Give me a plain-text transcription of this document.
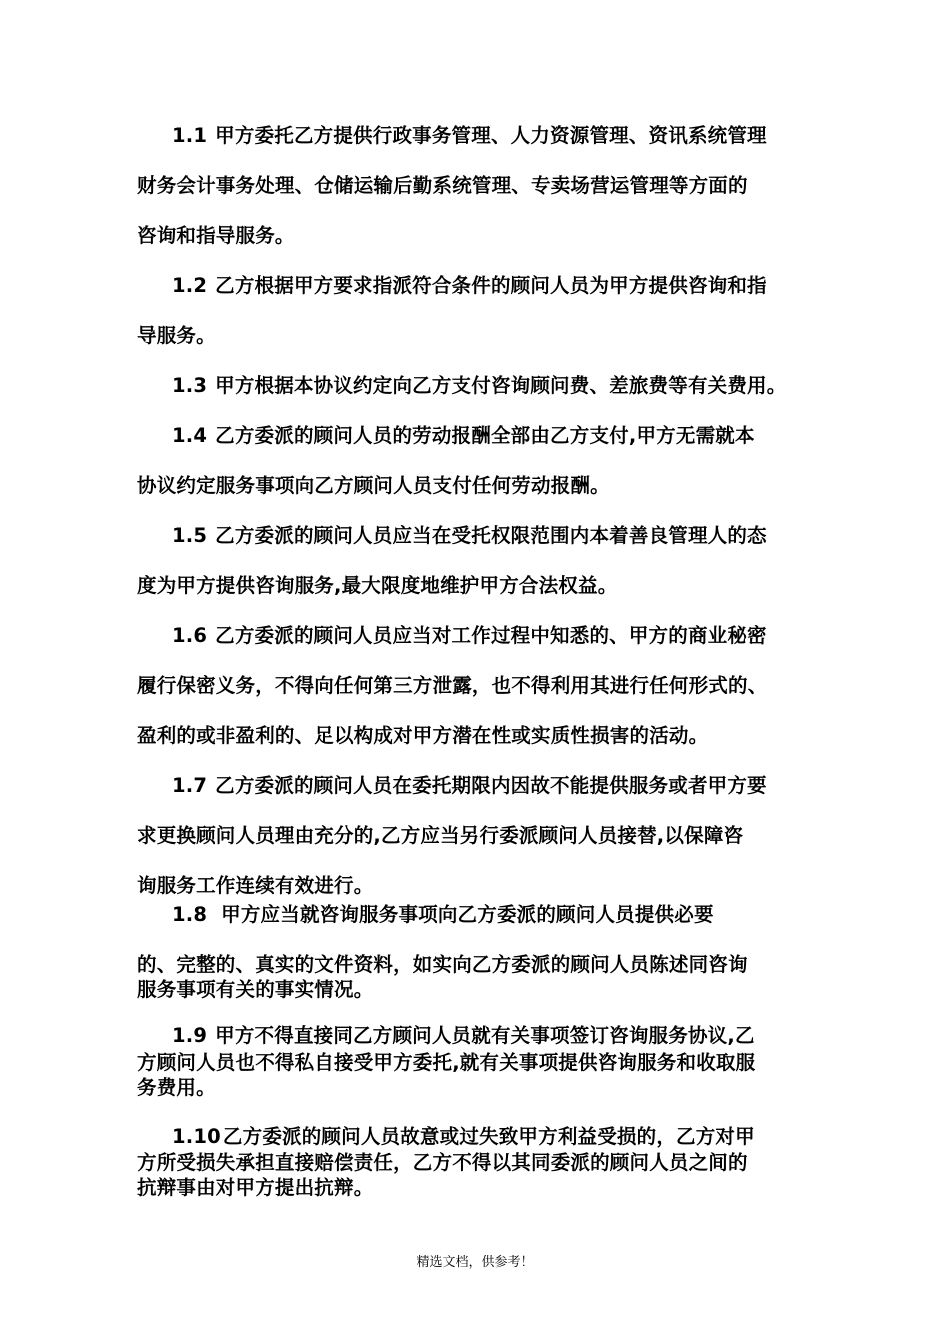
1.1 甲方委托乙方提供行政事务管理、人力资源管理、资讯系统管理
财务会计事务处理、仓储运输后勤系统管理、专卖场营运管理等方面的
咨询和指导服务。
1.2 乙方根据甲方要求指派符合条件的顾问人员为甲方提供咨询和指
导服务。
1.3 甲方根据本协议约定向乙方支付咨询顾问费、差旅费等有关费用。
1.4 乙方委派的顾问人员的劳动报酬全部由乙方支付,甲方无需就本
协议约定服务事项向乙方顾问人员支付任何劳动报酬。
1.5 乙方委派的顾问人员应当在受托权限范围内本着善良管理人的态
度为甲方提供咨询服务,最大限度地维护甲方合法权益。
1.6 乙方委派的顾问人员应当对工作过程中知悉的、甲方的商业秘密
履行保密义务，不得向任何第三方泄露，也不得利用其进行任何形式的、
盈利的或非盈利的、足以构成对甲方潜在性或实质性损害的活动。
1.7 乙方委派的顾问人员在委托期限内因故不能提供服务或者甲方要
求更换顾问人员理由充分的,乙方应当另行委派顾问人员接替,以保障咨
询服务工作连续有效进行。
1.8 甲方应当就咨询服务事项向乙方委派的顾问人员提供必要
的、完整的、真实的文件资料，如实向乙方委派的顾问人员陈述同咨询
服务事项有关的事实情况。
1.9 甲方不得直接同乙方顾问人员就有关事项签订咨询服务协议,乙
方顾问人员也不得私自接受甲方委托,就有关事项提供咨询服务和收取服
务费用。
1.10 乙方委派的顾问人员故意或过失致甲方利益受损的，乙方对甲
方所受损失承担直接赔偿责任，乙方不得以其同委派的顾问人员之间的
抗辩事由对甲方提出抗辩。
精选文档，供参考！
